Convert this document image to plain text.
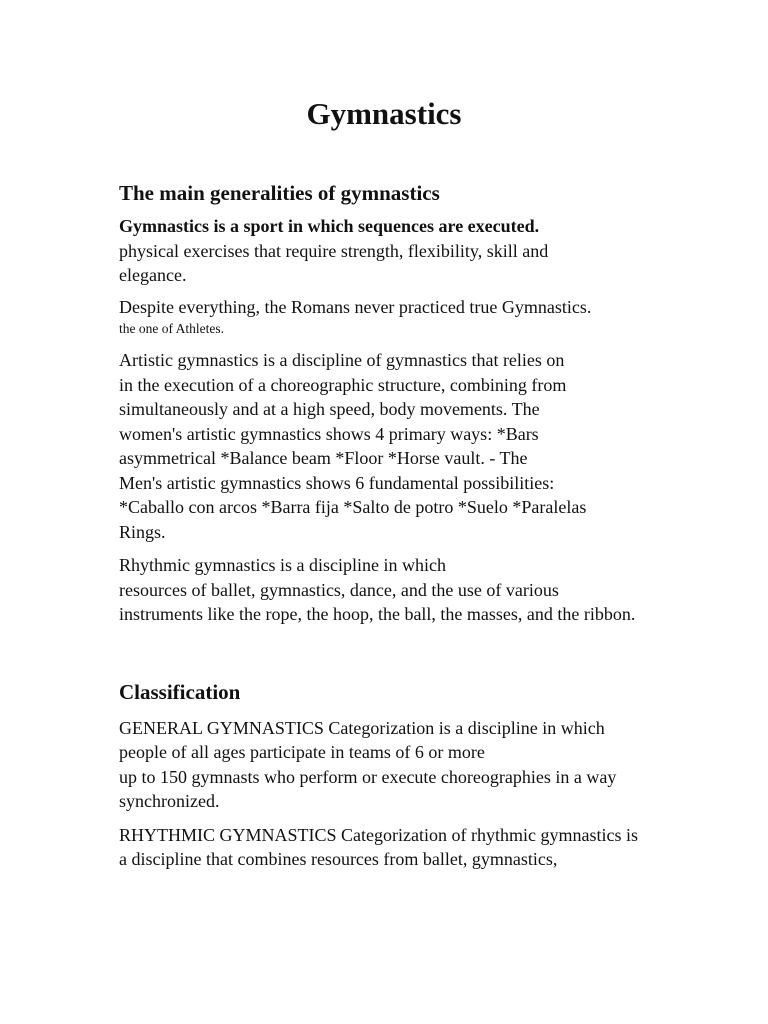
Gymnastics
The main generalities of gymnastics

Gymnastics is a sport in which sequences are executed.
physical exercises that require strength, flexibility, skill and
elegance.

Despite everything, the Romans never practiced true Gymnastics.
the one of Athletes.

Artistic gymnastics is a discipline of gymnastics that relies on
in the execution of a choreographic structure, combining from
simultaneously and at a high speed, body movements. The
women's artistic gymnastics shows 4 primary ways: *Bars
asymmetrical *Balance beam *Floor *Horse vault. - The
Men's artistic gymnastics shows 6 fundamental possibilities:
*Caballo con arcos *Barra fija *Salto de potro *Suelo *Paralelas
Rings.

Rhythmic gymnastics is a discipline in which
resources of ballet, gymnastics, dance, and the use of various
instruments like the rope, the hoop, the ball, the masses, and the ribbon.

Classification

GENERAL GYMNASTICS Categorization is a discipline in which
people of all ages participate in teams of 6 or more
up to 150 gymnasts who perform or execute choreographies in a way
synchronized.

RHYTHMIC GYMNASTICS Categorization of rhythmic gymnastics is
a discipline that combines resources from ballet, gymnastics,
